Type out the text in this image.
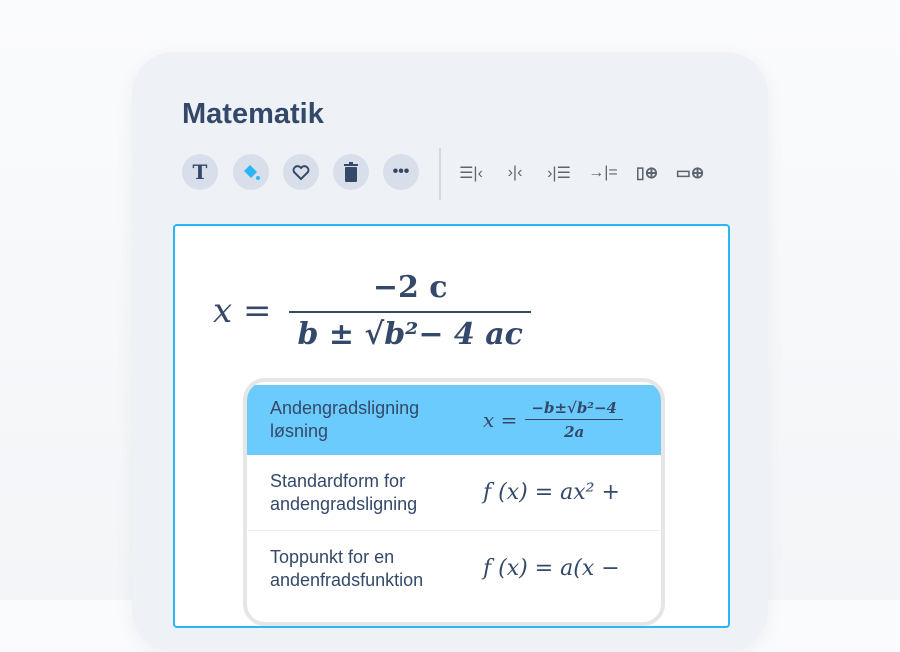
Matematik
T	•••	☰|‹ ›|‹ ›|☰ →|= ▯⊕ ▭⊕
$x = \frac{-2 c}{\text{b ± √b²− 4 ac}}$
Andengradsligning løsning	$x = \frac{\text{−b±√b²−4}}{2a}$
Standardform for andengradsligning	f (x) = ax² +
Toppunkt for en andenfradsfunktion	f (x) = a(x −
